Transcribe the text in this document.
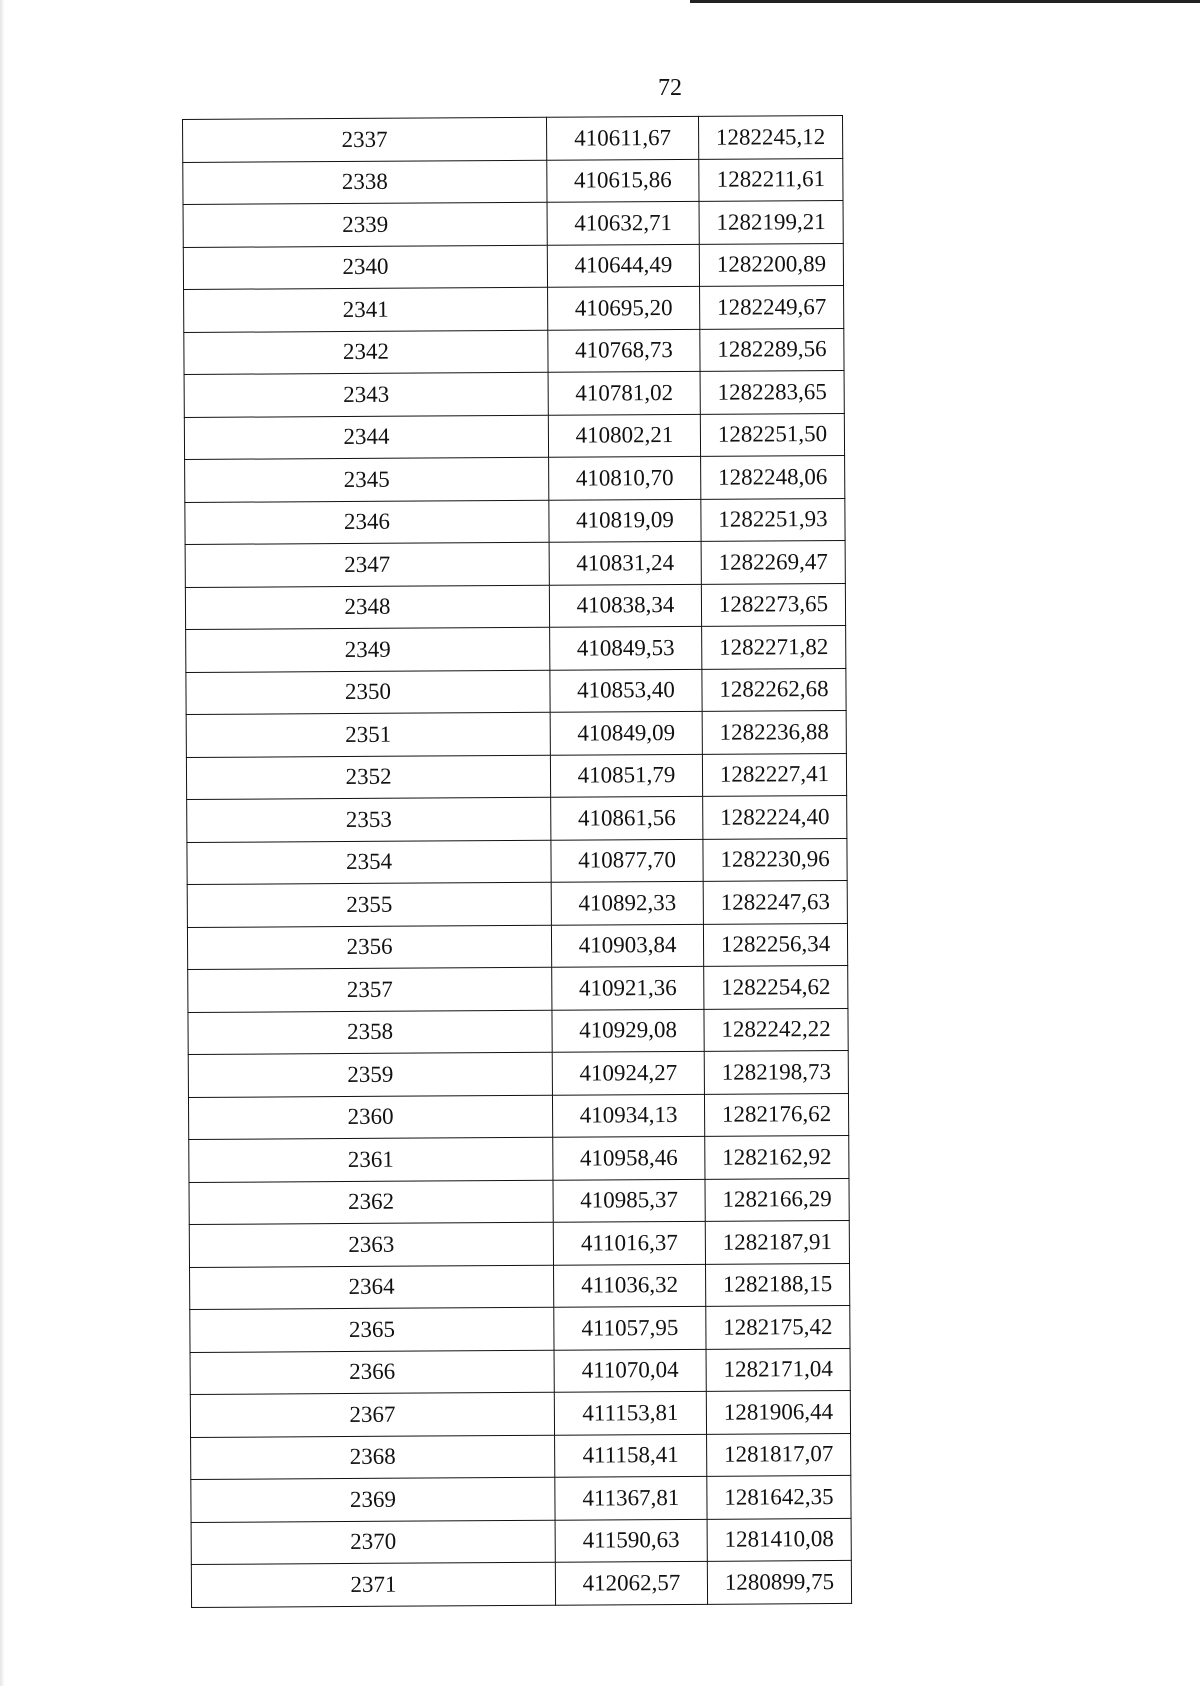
72
2337	410611,67	1282245,12
2338	410615,86	1282211,61
2339	410632,71	1282199,21
2340	410644,49	1282200,89
2341	410695,20	1282249,67
2342	410768,73	1282289,56
2343	410781,02	1282283,65
2344	410802,21	1282251,50
2345	410810,70	1282248,06
2346	410819,09	1282251,93
2347	410831,24	1282269,47
2348	410838,34	1282273,65
2349	410849,53	1282271,82
2350	410853,40	1282262,68
2351	410849,09	1282236,88
2352	410851,79	1282227,41
2353	410861,56	1282224,40
2354	410877,70	1282230,96
2355	410892,33	1282247,63
2356	410903,84	1282256,34
2357	410921,36	1282254,62
2358	410929,08	1282242,22
2359	410924,27	1282198,73
2360	410934,13	1282176,62
2361	410958,46	1282162,92
2362	410985,37	1282166,29
2363	411016,37	1282187,91
2364	411036,32	1282188,15
2365	411057,95	1282175,42
2366	411070,04	1282171,04
2367	411153,81	1281906,44
2368	411158,41	1281817,07
2369	411367,81	1281642,35
2370	411590,63	1281410,08
2371	412062,57	1280899,75
